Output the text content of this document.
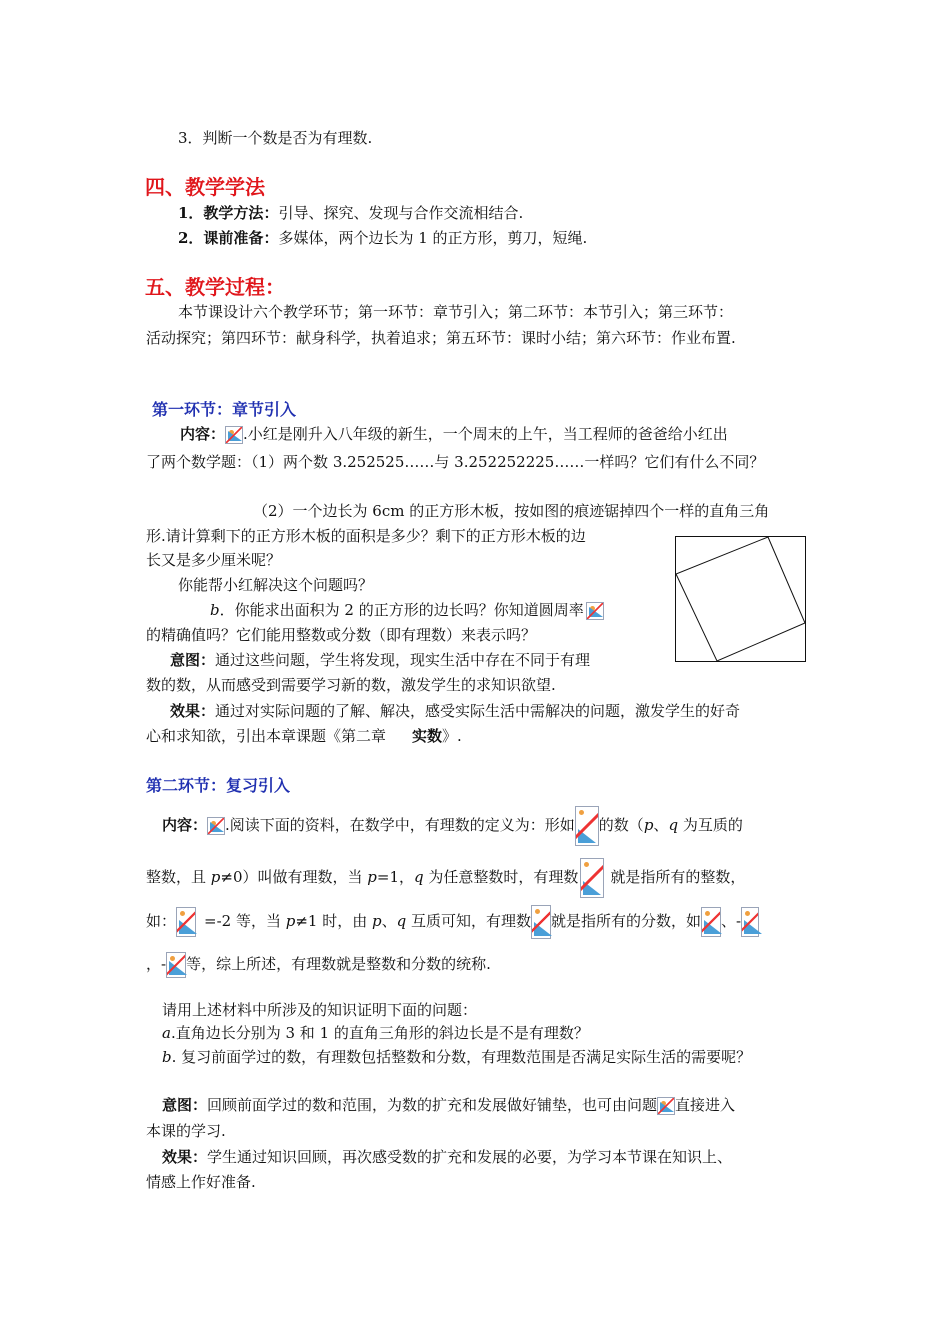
3．判断一个数是否为有理数.
四、教学学法
1．教学方法：引导、探究、发现与合作交流相结合.
2．课前准备：多媒体，两个边长为 1 的正方形，剪刀，短绳.
五、教学过程：
本节课设计六个教学环节；第一环节：章节引入；第二环节：本节引入；第三环节：
活动探究；第四环节：献身科学，执着追求；第五环节：课时小结；第六环节：作业布置.
第一环节：章节引入
内容： .小红是刚升入八年级的新生，一个周末的上午，当工程师的爸爸给小红出
了两个数学题：（1）两个数 3.252525……与 3.252252225……一样吗？它们有什么不同？
（2）一个边长为 6cm 的正方形木板，按如图的痕迹锯掉四个一样的直角三角
形.请计算剩下的正方形木板的面积是多少？剩下的正方形木板的边
长又是多少厘米呢？
你能帮小红解决这个问题吗？
b．你能求出面积为 2 的正方形的边长吗？你知道圆周率
的精确值吗？它们能用整数或分数（即有理数）来表示吗？
意图：通过这些问题，学生将发现，现实生活中存在不同于有理
数的数，从而感受到需要学习新的数，激发学生的求知识欲望.
效果：通过对实际问题的了解、解决，感受实际生活中需解决的问题，激发学生的好奇
心和求知欲，引出本章课题《第二章 实数》.
第二环节：复习引入
内容： .阅读下面的资料，在数学中，有理数的定义为：形如 的数（p、q 为互质的
整数，且 p≠0）叫做有理数，当 p=1，q 为任意整数时，有理数 就是指所有的整数，
如： =-2 等，当 p≠1 时，由 p、q 互质可知，有理数 就是指所有的分数，如 、-
，- 等，综上所述，有理数就是整数和分数的统称.
请用上述材料中所涉及的知识证明下面的问题：
a.直角边长分别为 3 和 1 的直角三角形的斜边长是不是有理数？
b. 复习前面学过的数，有理数包括整数和分数，有理数范围是否满足实际生活的需要呢？
意图：回顾前面学过的数和范围，为数的扩充和发展做好铺垫，也可由问题 直接进入
本课的学习.
效果：学生通过知识回顾，再次感受数的扩充和发展的必要，为学习本节课在知识上、
情感上作好准备.
